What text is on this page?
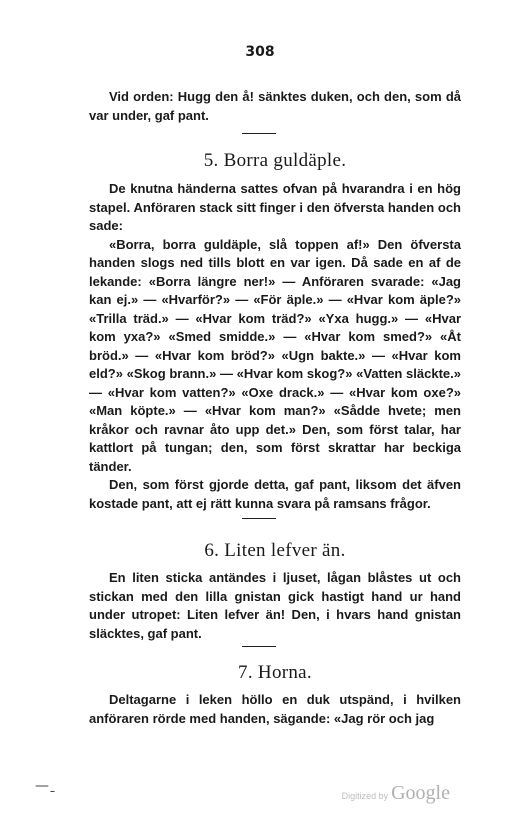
308

Vid orden: Hugg den å! sänktes duken, och den, som då var under, gaf pant.

5. Borra guldäple.

De knutna händerna sattes ofvan på hvarandra i en hög stapel. Anföraren stack sitt finger i den öfversta handen och sade:

«Borra, borra guldäple, slå toppen af!» Den öfversta handen slogs ned tills blott en var igen. Då sade en af de lekande: «Borra längre ner!» — Anföraren svarade: «Jag kan ej.» — «Hvarför?» — «För äple.» — «Hvar kom äple?» «Trilla träd.» — «Hvar kom träd?» «Yxa hugg.» — «Hvar kom yxa?» «Smed smidde.» — «Hvar kom smed?» «Åt bröd.» — «Hvar kom bröd?» «Ugn bakte.» — «Hvar kom eld?» «Skog brann.» — «Hvar kom skog?» «Vatten släckte.» — «Hvar kom vatten?» «Oxe drack.» — «Hvar kom oxe?» «Man köpte.» — «Hvar kom man?» «Sådde hvete; men kråkor och ravnar åto upp det.» Den, som först talar, har kattlort på tungan; den, som först skrattar har beckiga tänder.

Den, som först gjorde detta, gaf pant, liksom det äfven kostade pant, att ej rätt kunna svara på ramsans frågor.

6. Liten lefver än.

En liten sticka antändes i ljuset, lågan blåstes ut och stickan med den lilla gnistan gick hastigt hand ur hand under utropet: Liten lefver än! Den, i hvars hand gnistan släcktes, gaf pant.

7. Horna.

Deltagarne i leken höllo en duk utspänd, i hvilken anföraren rörde med handen, sägande: «Jag rör och jag

—ˍ
Digitized by Google
